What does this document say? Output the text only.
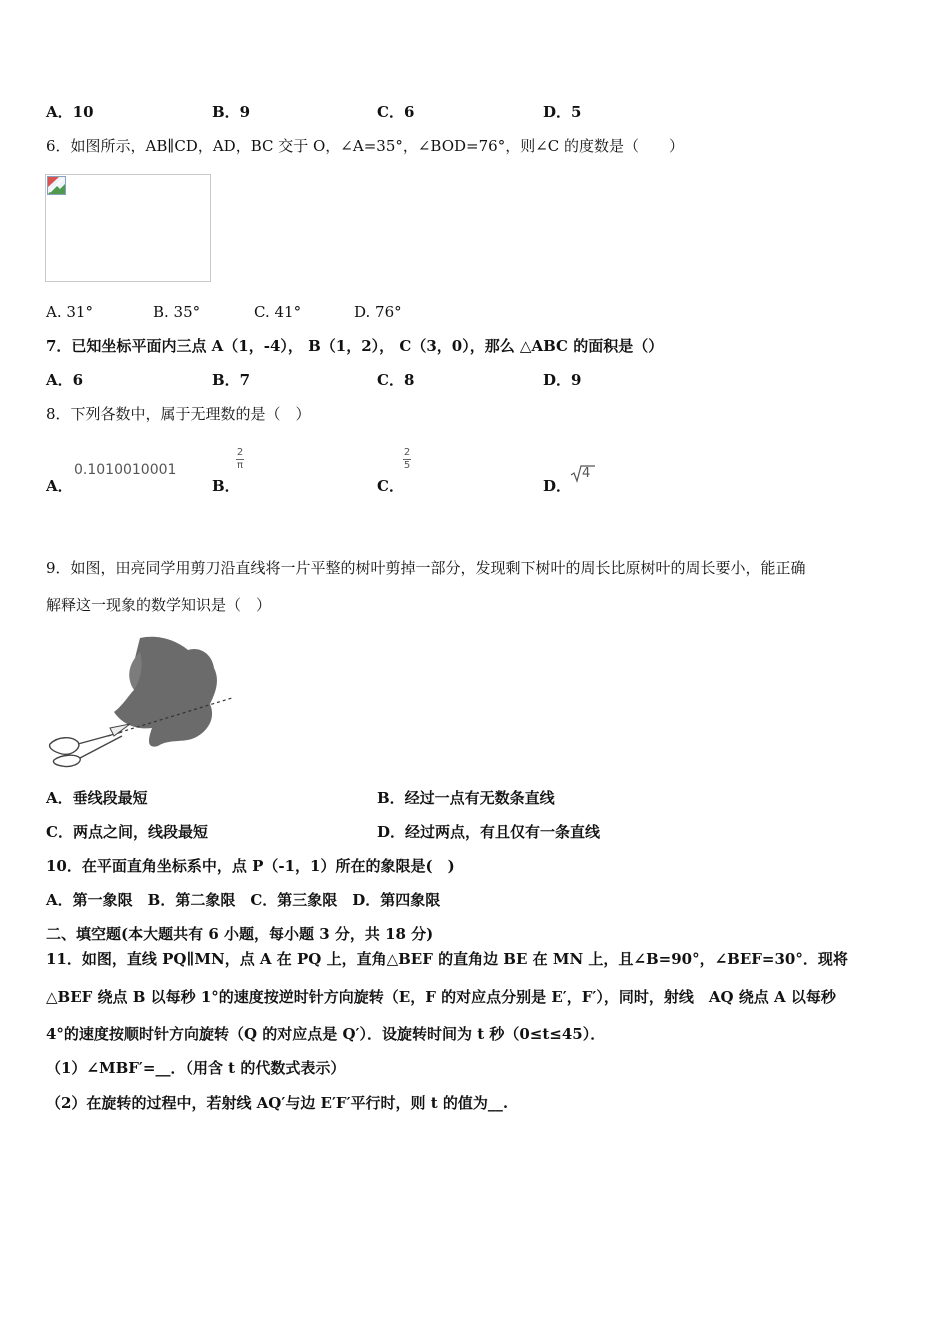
A．10	B．9	C．6	D．5
6．如图所示，AB∥CD，AD，BC 交于 O，∠A=35°，∠BOD=76°，则∠C 的度数是（　　）
A. 31°	B. 35°	C. 41°	D. 76°
7．已知坐标平面内三点 A（1，-4）， B（1，2）， C（3，0），那么 △ABC 的面积是（）
A．6	B．7	C．8	D．9
8．下列各数中，属于无理数的是（　）
A．
0.1010010001
B．
2
π
C．
2
5
D．
4
9．如图，田亮同学用剪刀沿直线将一片平整的树叶剪掉一部分，发现剩下树叶的周长比原树叶的周长要小，能正确
解释这一现象的数学知识是（　）
A．垂线段最短	B．经过一点有无数条直线
C．两点之间，线段最短	D．经过两点，有且仅有一条直线
10．在平面直角坐标系中，点 P（-1，1）所在的象限是(　)
A．第一象限　B．第二象限　C．第三象限　D．第四象限
二、填空题(本大题共有 6 小题，每小题 3 分，共 18 分)
11．如图，直线 PQ∥MN，点 A 在 PQ 上，直角△BEF 的直角边 BE 在 MN 上，且∠B=90°，∠BEF=30°．现将
△BEF 绕点 B 以每秒 1°的速度按逆时针方向旋转（E，F 的对应点分别是 E′，F′），同时，射线　AQ 绕点 A 以每秒
4°的速度按顺时针方向旋转（Q 的对应点是 Q′）．设旋转时间为 t 秒（0≤t≤45）．
（1）∠MBF′=__．（用含 t 的代数式表示）
（2）在旋转的过程中，若射线 AQ′与边 E′F′平行时，则 t 的值为__.
